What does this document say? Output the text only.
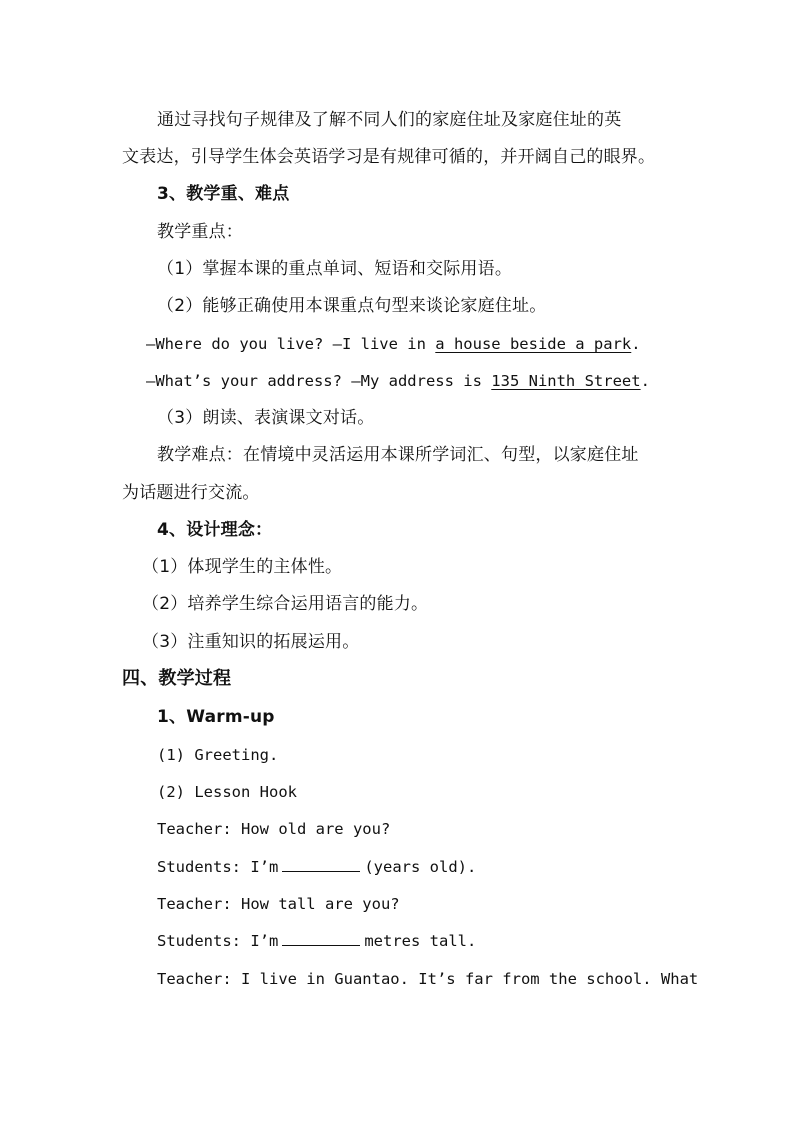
通过寻找句子规律及了解不同人们的家庭住址及家庭住址的英
文表达，引导学生体会英语学习是有规律可循的，并开阔自己的眼界。
3、教学重、难点
教学重点：
（1）掌握本课的重点单词、短语和交际用语。
（2）能够正确使用本课重点句型来谈论家庭住址。
—Where do you live? —I live in a house beside a park.
—What’s your address? —My address is 135 Ninth Street.
（3）朗读、表演课文对话。
教学难点：在情境中灵活运用本课所学词汇、句型，以家庭住址
为话题进行交流。
4、设计理念：
（1）体现学生的主体性。
（2）培养学生综合运用语言的能力。
（3）注重知识的拓展运用。
四、教学过程
1、Warm-up
(1) Greeting.
(2) Lesson Hook
Teacher: How old are you?
Students: I’m	(years old).
Teacher: How tall are you?
Students: I’m	metres tall.
Teacher: I live in Guantao. It’s far from the school. What
